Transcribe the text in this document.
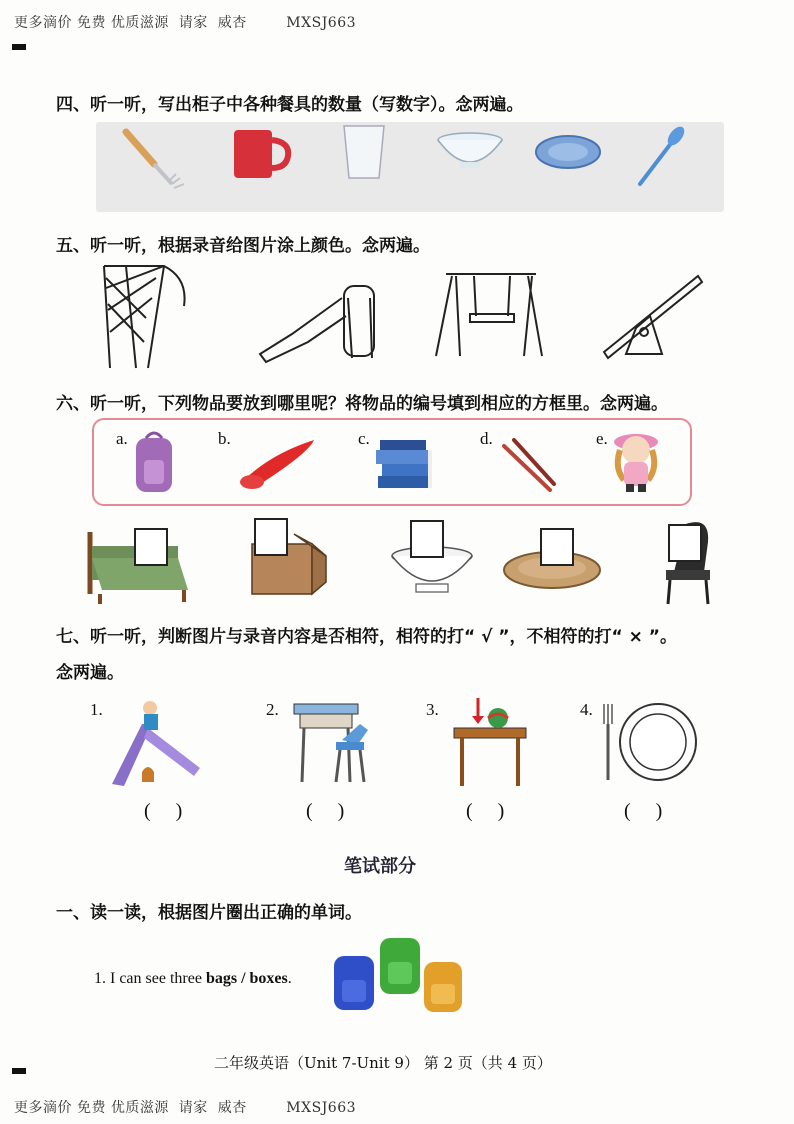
更多滴价 免费 优质滋源  请家  威杏        MXSJ663
四、听一听，写出柜子中各种餐具的数量（写数字）。念两遍。
五、听一听，根据录音给图片涂上颜色。念两遍。
六、听一听，下列物品要放到哪里呢？将物品的编号填到相应的方框里。念两遍。
a.	b.	c.	d.	e.
七、听一听，判断图片与录音内容是否相符，相符的打“ √ ”，不相符的打“ × ”。
念两遍。
1.	2.	3.	4.
(     )	(     )	(     )	(     )
笔试部分
一、读一读，根据图片圈出正确的单词。
1. I can see three bags / boxes.
二年级英语（Unit 7-Unit 9） 第 2 页（共 4 页）
更多滴价 免费 优质滋源  请家  威杏        MXSJ663
